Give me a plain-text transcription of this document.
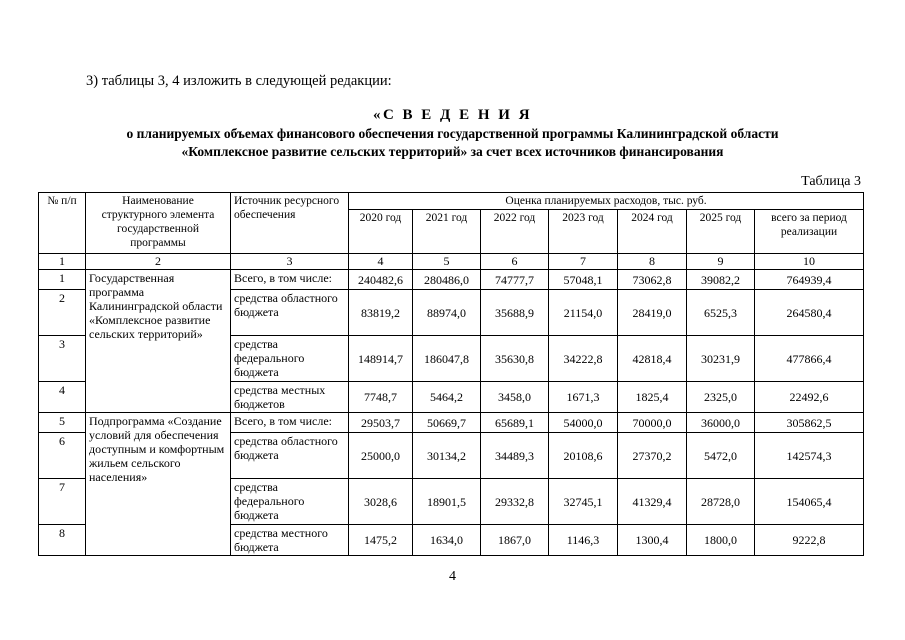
3) таблицы 3, 4 изложить в следующей редакции:
«С В Е Д Е Н И Я
о планируемых объемах финансового обеспечения государственной программы Калининградской области
«Комплексное развитие сельских территорий» за счет всех источников финансирования
Таблица 3
№ п/п	Наименование структурного элемента государственной программы	Источник ресурсного обеспечения	Оценка планируемых расходов, тыс. руб.						
			2020 год	2021 год	2022 год	2023 год	2024 год	2025 год	всего за период реализации
1	2	3	4	5	6	7	8	9	10
1	Государственная программа Калининградской области «Комплексное развитие сельских территорий»	Всего, в том числе:	240482,6	280486,0	74777,7	57048,1	73062,8	39082,2	764939,4
2		средства областного бюджета	83819,2	88974,0	35688,9	21154,0	28419,0	6525,3	264580,4
3		средства федерального бюджета	148914,7	186047,8	35630,8	34222,8	42818,4	30231,9	477866,4
4		средства местных бюджетов	7748,7	5464,2	3458,0	1671,3	1825,4	2325,0	22492,6
5	Подпрограмма «Создание условий для обеспечения доступным и комфортным жильем сельского населения»	Всего, в том числе:	29503,7	50669,7	65689,1	54000,0	70000,0	36000,0	305862,5
6		средства областного бюджета	25000,0	30134,2	34489,3	20108,6	27370,2	5472,0	142574,3
7		средства федерального бюджета	3028,6	18901,5	29332,8	32745,1	41329,4	28728,0	154065,4
8		средства местного бюджета	1475,2	1634,0	1867,0	1146,3	1300,4	1800,0	9222,8
4
